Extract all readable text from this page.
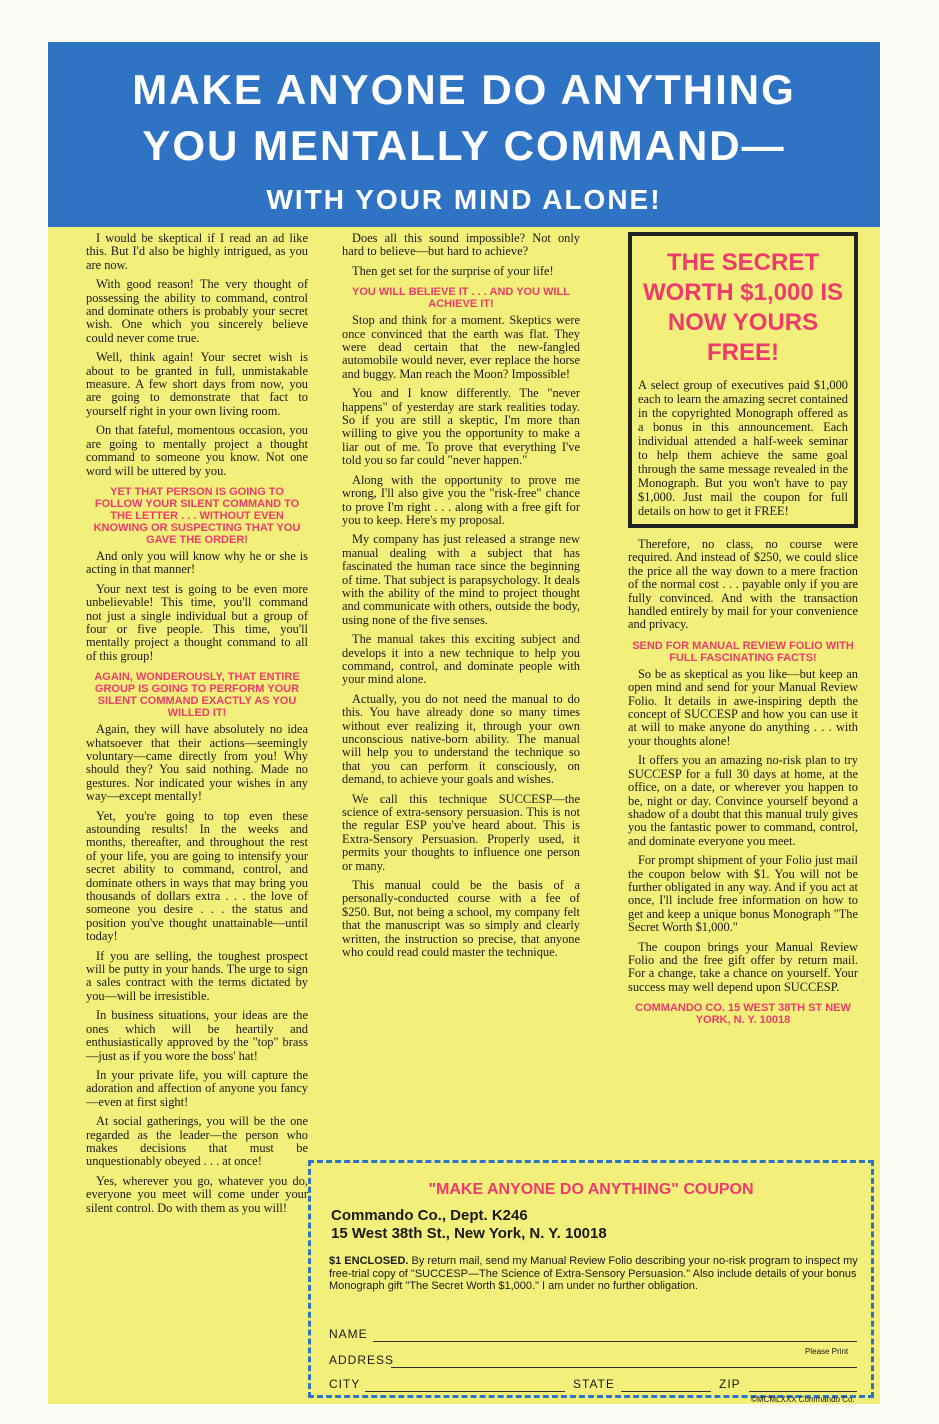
MAKE ANYONE DO ANYTHING
YOU MENTALLY COMMAND—
WITH YOUR MIND ALONE!

I would be skeptical if I read an ad like this. But I'd also be highly intrigued, as you are now.

With good reason! The very thought of possessing the ability to command, control and dominate others is probably your secret wish. One which you sincerely believe could never come true.

Well, think again! Your secret wish is about to be granted in full, unmistakable measure. A few short days from now, you are going to demonstrate that fact to yourself right in your own living room.

On that fateful, momentous occasion, you are going to mentally project a thought command to someone you know. Not one word will be uttered by you.

YET THAT PERSON IS GOING TO FOLLOW YOUR SILENT COMMAND TO THE LETTER . . . WITHOUT EVEN KNOWING OR SUSPECTING THAT YOU GAVE THE ORDER!

And only you will know why he or she is acting in that manner!

Your next test is going to be even more unbelievable! This time, you'll command not just a single individual but a group of four or five people. This time, you'll mentally project a thought command to all of this group!

AGAIN, WONDEROUSLY, THAT ENTIRE GROUP IS GOING TO PERFORM YOUR SILENT COMMAND EXACTLY AS YOU WILLED IT!

Again, they will have absolutely no idea whatsoever that their actions—seemingly voluntary—came directly from you! Why should they? You said nothing. Made no gestures. Nor indicated your wishes in any way—except mentally!

Yet, you're going to top even these astounding results! In the weeks and months, thereafter, and throughout the rest of your life, you are going to intensify your secret ability to command, control, and dominate others in ways that may bring you thousands of dollars extra . . . the love of someone you desire . . . the status and position you've thought unattainable—until today!

If you are selling, the toughest prospect will be putty in your hands. The urge to sign a sales contract with the terms dictated by you—will be irresistible.

In business situations, your ideas are the ones which will be heartily and enthusiastically approved by the "top" brass—just as if you wore the boss' hat!

In your private life, you will capture the adoration and affection of anyone you fancy—even at first sight!

At social gatherings, you will be the one regarded as the leader—the person who makes decisions that must be unquestionably obeyed . . . at once!

Yes, wherever you go, whatever you do, everyone you meet will come under your silent control. Do with them as you will!

Does all this sound impossible? Not only hard to believe—but hard to achieve?

Then get set for the surprise of your life!

YOU WILL BELIEVE IT . . . AND YOU WILL ACHIEVE IT!

Stop and think for a moment. Skeptics were once convinced that the earth was flat. They were dead certain that the new-fangled automobile would never, ever replace the horse and buggy. Man reach the Moon? Impossible!

You and I know differently. The "never happens" of yesterday are stark realities today. So if you are still a skeptic, I'm more than willing to give you the opportunity to make a liar out of me. To prove that everything I've told you so far could "never happen."

Along with the opportunity to prove me wrong, I'll also give you the "risk-free" chance to prove I'm right . . . along with a free gift for you to keep. Here's my proposal.

My company has just released a strange new manual dealing with a subject that has fascinated the human race since the beginning of time. That subject is parapsychology. It deals with the ability of the mind to project thought and communicate with others, outside the body, using none of the five senses.

The manual takes this exciting subject and develops it into a new technique to help you command, control, and dominate people with your mind alone.

Actually, you do not need the manual to do this. You have already done so many times without ever realizing it, through your own unconscious native-born ability. The manual will help you to understand the technique so that you can perform it consciously, on demand, to achieve your goals and wishes.

We call this technique SUCCESP—the science of extra-sensory persuasion. This is not the regular ESP you've heard about. This is Extra-Sensory Persuasion. Properly used, it permits your thoughts to influence one person or many.

This manual could be the basis of a personally-conducted course with a fee of $250. But, not being a school, my company felt that the manuscript was so simply and clearly written, the instruction so precise, that anyone who could read could master the technique.

THE SECRET WORTH $1,000 IS NOW YOURS FREE!
A select group of executives paid $1,000 each to learn the amazing secret contained in the copyrighted Monograph offered as a bonus in this announcement. Each individual attended a half-week seminar to help them achieve the same goal through the same message revealed in the Monograph. But you won't have to pay $1,000. Just mail the coupon for full details on how to get it FREE!

Therefore, no class, no course were required. And instead of $250, we could slice the price all the way down to a mere fraction of the normal cost . . . payable only if you are fully convinced. And with the transaction handled entirely by mail for your convenience and privacy.

SEND FOR MANUAL REVIEW FOLIO WITH FULL FASCINATING FACTS!

So be as skeptical as you like—but keep an open mind and send for your Manual Review Folio. It details in awe-inspiring depth the concept of SUCCESP and how you can use it at will to make anyone do anything . . . with your thoughts alone!

It offers you an amazing no-risk plan to try SUCCESP for a full 30 days at home, at the office, on a date, or wherever you happen to be, night or day. Convince yourself beyond a shadow of a doubt that this manual truly gives you the fantastic power to command, control, and dominate everyone you meet.

For prompt shipment of your Folio just mail the coupon below with $1. You will not be further obligated in any way. And if you act at once, I'll include free information on how to get and keep a unique bonus Monograph "The Secret Worth $1,000."

The coupon brings your Manual Review Folio and the free gift offer by return mail. For a change, take a chance on yourself. Your success may well depend upon SUCCESP.

COMMANDO CO. 15 WEST 38TH ST NEW YORK, N. Y. 10018

"MAKE ANYONE DO ANYTHING" COUPON
Commando Co., Dept. K246
15 West 38th St., New York, N. Y. 10018
$1 ENCLOSED. By return mail, send my Manual Review Folio describing your no-risk program to inspect my free-trial copy of "SUCCESP—The Science of Extra-Sensory Persuasion." Also include details of your bonus Monograph gift "The Secret Worth $1,000." I am under no further obligation.
NAME
Please Print
ADDRESS
CITY	STATE	ZIP
©MCMLXXX Commando Co.
